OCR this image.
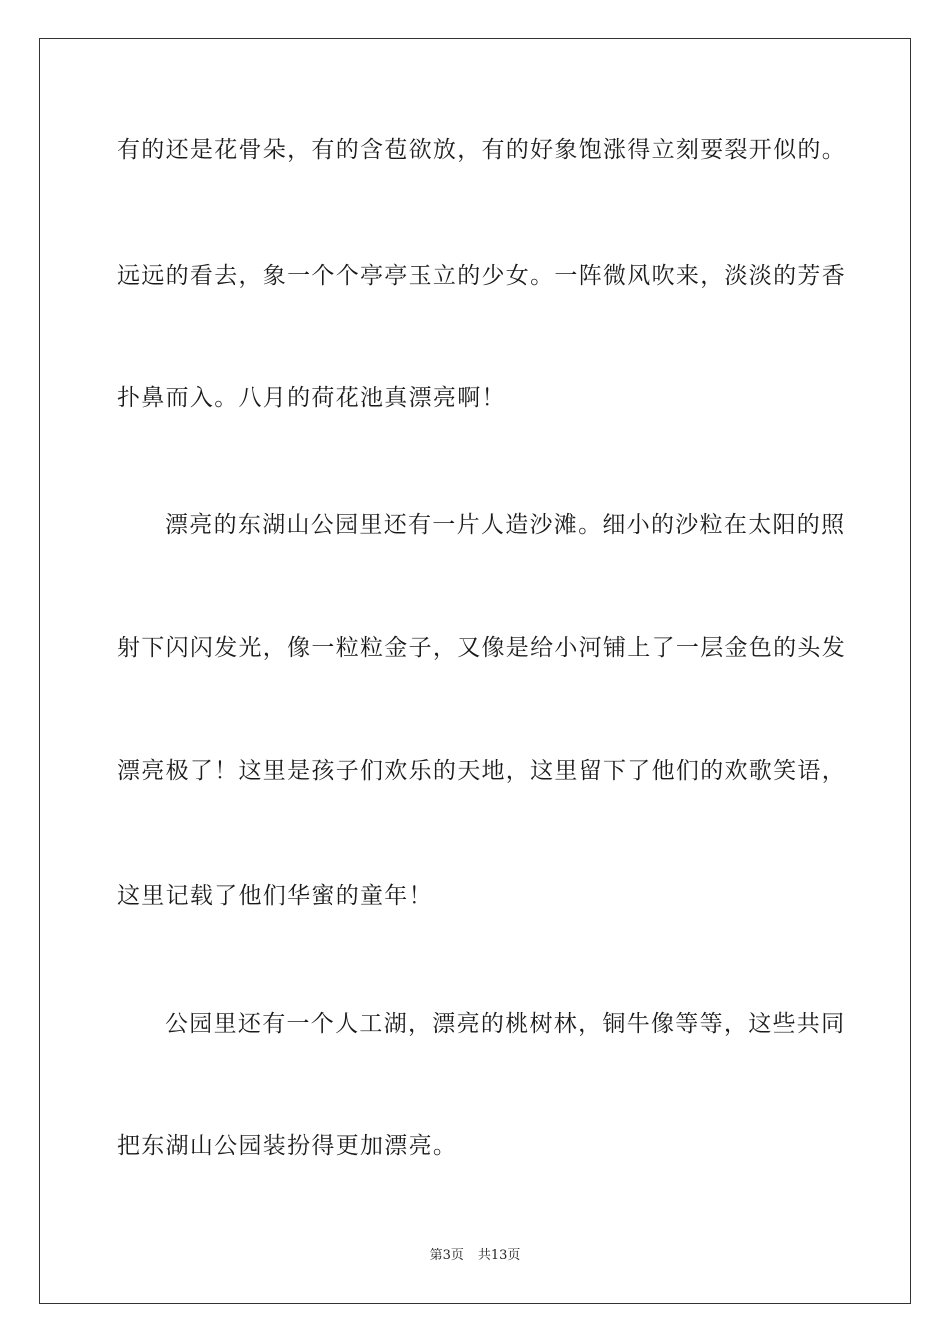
有的还是花骨朵，有的含苞欲放，有的好象饱涨得立刻要裂开似的。
远远的看去，象一个个亭亭玉立的少女。一阵微风吹来，淡淡的芳香
扑鼻而入。八月的荷花池真漂亮啊！
漂亮的东湖山公园里还有一片人造沙滩。细小的沙粒在太阳的照
射下闪闪发光，像一粒粒金子，又像是给小河铺上了一层金色的头发
漂亮极了！这里是孩子们欢乐的天地，这里留下了他们的欢歌笑语，
这里记载了他们华蜜的童年！
公园里还有一个人工湖，漂亮的桃树林，铜牛像等等，这些共同
把东湖山公园装扮得更加漂亮。
第3页 共13页
